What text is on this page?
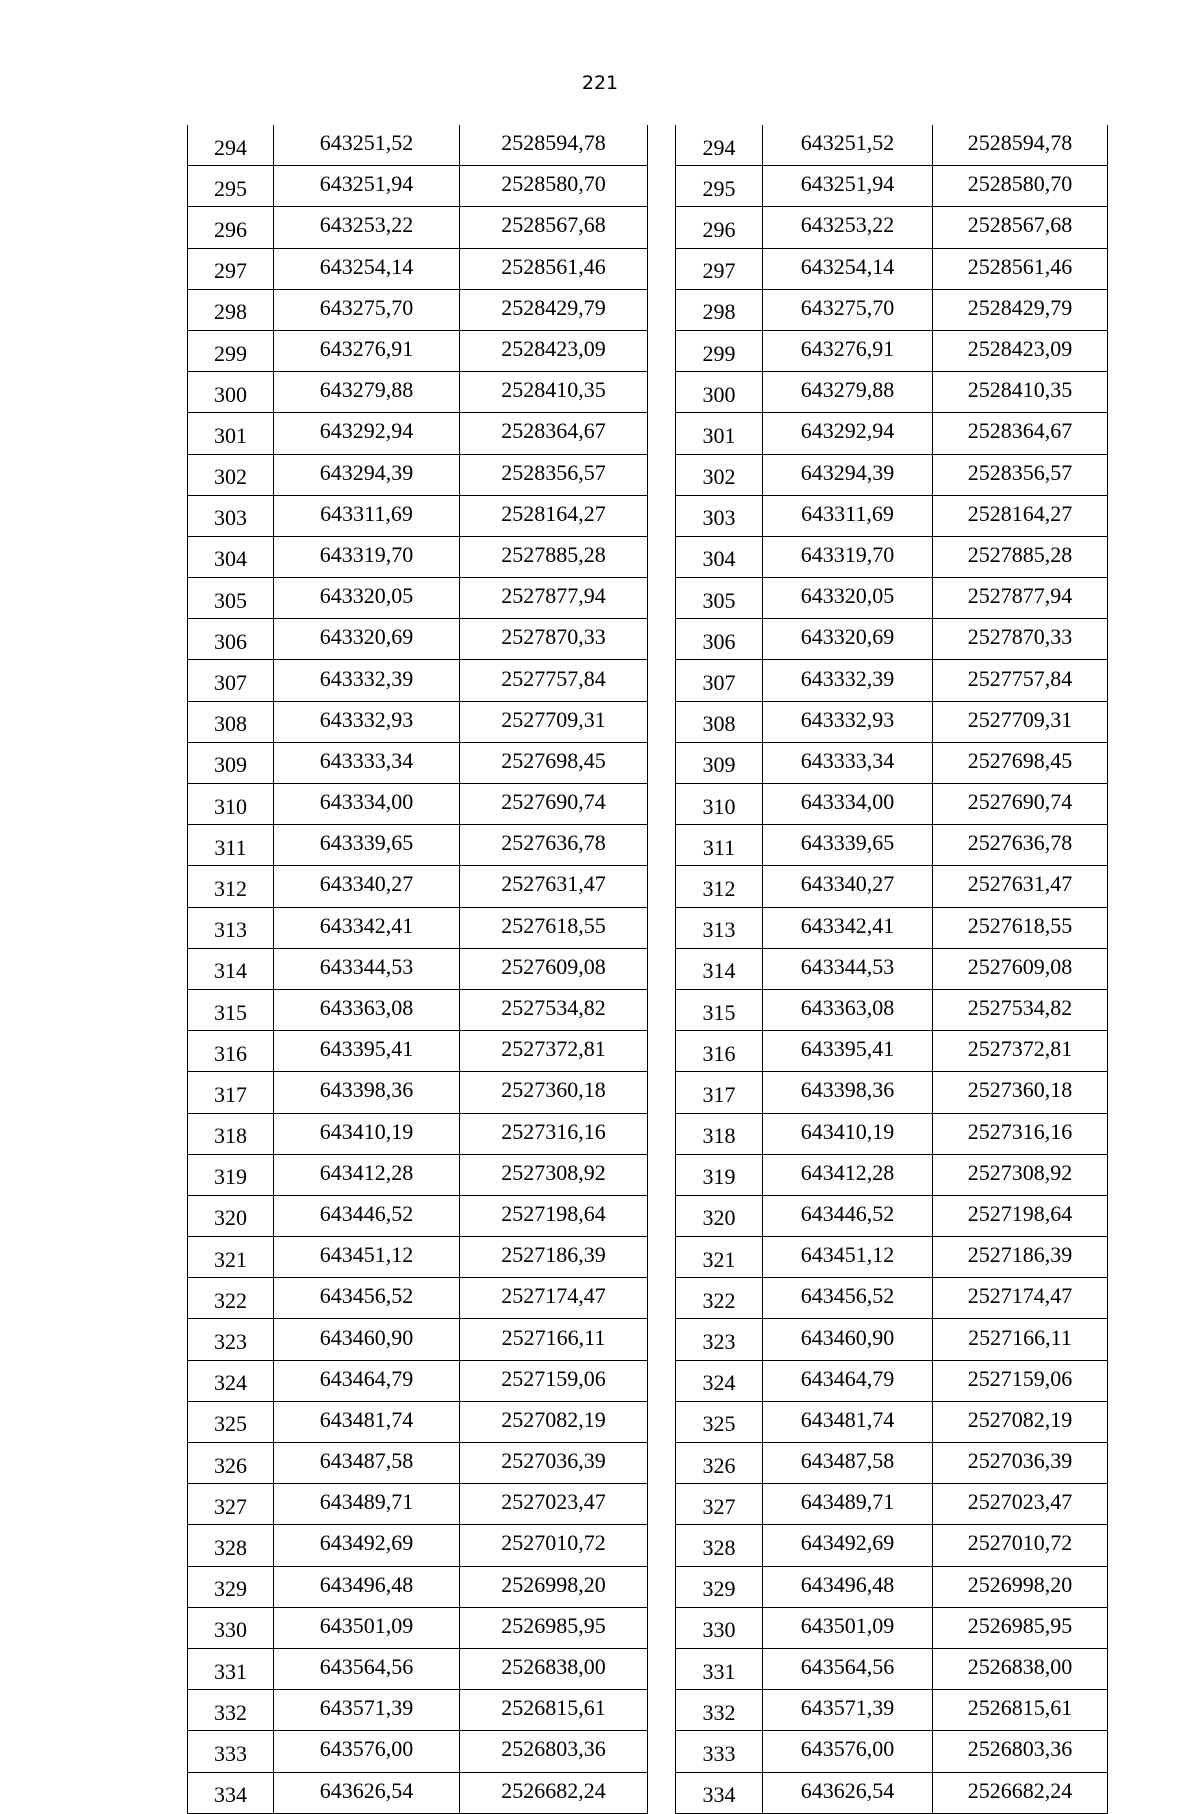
221
294	643251,52	2528594,78
295	643251,94	2528580,70
296	643253,22	2528567,68
297	643254,14	2528561,46
298	643275,70	2528429,79
299	643276,91	2528423,09
300	643279,88	2528410,35
301	643292,94	2528364,67
302	643294,39	2528356,57
303	643311,69	2528164,27
304	643319,70	2527885,28
305	643320,05	2527877,94
306	643320,69	2527870,33
307	643332,39	2527757,84
308	643332,93	2527709,31
309	643333,34	2527698,45
310	643334,00	2527690,74
311	643339,65	2527636,78
312	643340,27	2527631,47
313	643342,41	2527618,55
314	643344,53	2527609,08
315	643363,08	2527534,82
316	643395,41	2527372,81
317	643398,36	2527360,18
318	643410,19	2527316,16
319	643412,28	2527308,92
320	643446,52	2527198,64
321	643451,12	2527186,39
322	643456,52	2527174,47
323	643460,90	2527166,11
324	643464,79	2527159,06
325	643481,74	2527082,19
326	643487,58	2527036,39
327	643489,71	2527023,47
328	643492,69	2527010,72
329	643496,48	2526998,20
330	643501,09	2526985,95
331	643564,56	2526838,00
332	643571,39	2526815,61
333	643576,00	2526803,36
334	643626,54	2526682,24
294	643251,52	2528594,78
295	643251,94	2528580,70
296	643253,22	2528567,68
297	643254,14	2528561,46
298	643275,70	2528429,79
299	643276,91	2528423,09
300	643279,88	2528410,35
301	643292,94	2528364,67
302	643294,39	2528356,57
303	643311,69	2528164,27
304	643319,70	2527885,28
305	643320,05	2527877,94
306	643320,69	2527870,33
307	643332,39	2527757,84
308	643332,93	2527709,31
309	643333,34	2527698,45
310	643334,00	2527690,74
311	643339,65	2527636,78
312	643340,27	2527631,47
313	643342,41	2527618,55
314	643344,53	2527609,08
315	643363,08	2527534,82
316	643395,41	2527372,81
317	643398,36	2527360,18
318	643410,19	2527316,16
319	643412,28	2527308,92
320	643446,52	2527198,64
321	643451,12	2527186,39
322	643456,52	2527174,47
323	643460,90	2527166,11
324	643464,79	2527159,06
325	643481,74	2527082,19
326	643487,58	2527036,39
327	643489,71	2527023,47
328	643492,69	2527010,72
329	643496,48	2526998,20
330	643501,09	2526985,95
331	643564,56	2526838,00
332	643571,39	2526815,61
333	643576,00	2526803,36
334	643626,54	2526682,24
